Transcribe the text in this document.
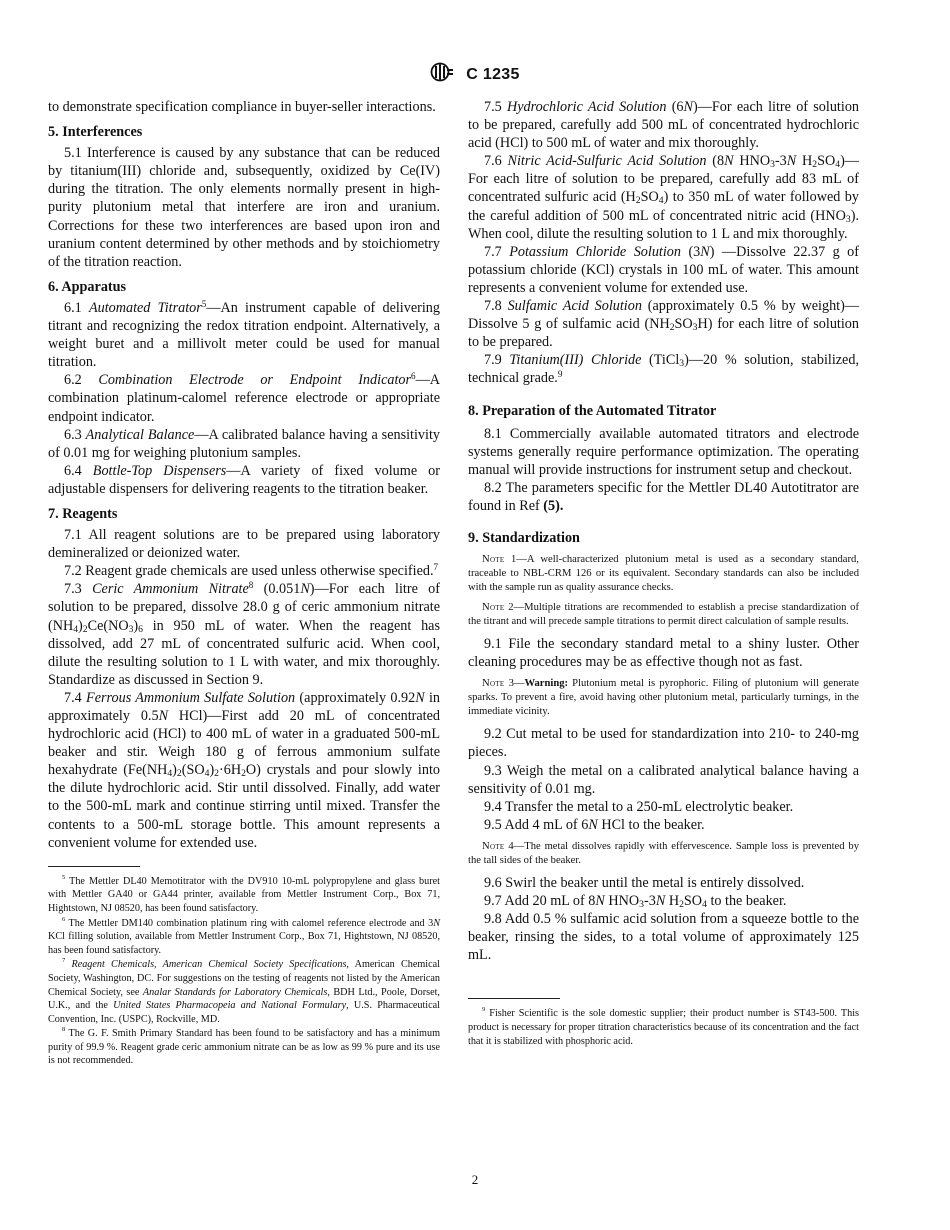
C 1235

to demonstrate specification compliance in buyer-seller interactions.

5. Interferences

5.1 Interference is caused by any substance that can be reduced by titanium(III) chloride and, subsequently, oxidized by Ce(IV) during the titration. The only elements normally present in high-purity plutonium metal that interfere are iron and uranium. Corrections for these two interferences are based upon iron and uranium content determined by other methods and by stoichiometry of the titration reaction.

6. Apparatus

6.1 Automated Titrator$^5$—An instrument capable of delivering titrant and recognizing the redox titration endpoint. Alternatively, a weight buret and a millivolt meter could be used for manual titration.

6.2 Combination Electrode or Endpoint Indicator$^6$—A combination platinum-calomel reference electrode or appropriate endpoint indicator.

6.3 Analytical Balance—A calibrated balance having a sensitivity of 0.01 mg for weighing plutonium samples.

6.4 Bottle-Top Dispensers—A variety of fixed volume or adjustable dispensers for delivering reagents to the titration beaker.

7. Reagents

7.1 All reagent solutions are to be prepared using laboratory demineralized or deionized water.

7.2 Reagent grade chemicals are used unless otherwise specified.$^7$

7.3 Ceric Ammonium Nitrate$^8$ (0.051N)—For each litre of solution to be prepared, dissolve 28.0 g of ceric ammonium nitrate $(NH_4)_2Ce(NO_3)_6$ in 950 mL of water. When the reagent has dissolved, add 27 mL of concentrated sulfuric acid. When cool, dilute the resulting solution to 1 L with water, and mix thoroughly. Standardize as discussed in Section 9.

7.4 Ferrous Ammonium Sulfate Solution (approximately 0.92N in approximately 0.5N HCl)—First add 20 mL of concentrated hydrochloric acid (HCl) to 400 mL of water in a graduated 500-mL beaker and stir. Weigh 180 g of ferrous ammonium sulfate hexahydrate $(Fe(NH_4)_2(SO_4)_2\cdot 6H_2O)$ crystals and pour slowly into the dilute hydrochloric acid. Stir until dissolved. Finally, add water to the 500-mL mark and continue stirring until mixed. Transfer the contents to a 500-mL storage bottle. This amount represents a convenient volume for extended use.

$^5$ The Mettler DL40 Memotitrator with the DV910 10-mL polypropylene and glass buret with Mettler GA40 or GA44 printer, available from Mettler Instrument Corp., Box 71, Hightstown, NJ 08520, has been found satisfactory.

$^6$ The Mettler DM140 combination platinum ring with calomel reference electrode and 3N KCl filling solution, available from Mettler Instrument Corp., Box 71, Hightstown, NJ 08520, has been found satisfactory.

$^7$ Reagent Chemicals, American Chemical Society Specifications, American Chemical Society, Washington, DC. For suggestions on the testing of reagents not listed by the American Chemical Society, see Analar Standards for Laboratory Chemicals, BDH Ltd., Poole, Dorset, U.K., and the United States Pharmacopeia and National Formulary, U.S. Pharmaceutical Convention, Inc. (USPC), Rockville, MD.

$^8$ The G. F. Smith Primary Standard has been found to be satisfactory and has a minimum purity of 99.9 %. Reagent grade ceric ammonium nitrate can be as low as 99 % pure and its use is not recommended.

7.5 Hydrochloric Acid Solution (6N)—For each litre of solution to be prepared, carefully add 500 mL of concentrated hydrochloric acid (HCl) to 500 mL of water and mix thoroughly.

7.6 Nitric Acid-Sulfuric Acid Solution (8N $HNO_3-3N$ $H_2SO_4)—For$ each litre of solution to be prepared, carefully add 83 mL of concentrated sulfuric acid $(H_2SO_4)$ to 350 mL of water followed by the careful addition of 500 mL of concentrated nitric acid $(HNO_3)$. When cool, dilute the resulting solution to 1 L and mix thoroughly.

7.7 Potassium Chloride Solution (3N) —Dissolve 22.37 g of potassium chloride (KCl) crystals in 100 mL of water. This amount represents a convenient volume for extended use.

7.8 Sulfamic Acid Solution (approximately 0.5 % by weight)—Dissolve 5 g of sulfamic acid $(NH_2SO_3H)$ for each litre of solution to be prepared.

7.9 Titanium(III) Chloride (TiCl$_3$)—20 % solution, stabilized, technical grade.$^9$

8. Preparation of the Automated Titrator

8.1 Commercially available automated titrators and electrode systems generally require performance optimization. The operating manual will provide instructions for instrument setup and checkout.

8.2 The parameters specific for the Mettler DL40 Autotitrator are found in Ref (5).

9. Standardization

Note 1—A well-characterized plutonium metal is used as a secondary standard, traceable to NBL-CRM 126 or its equivalent. Secondary standards can also be included with the sample run as quality assurance checks.

Note 2—Multiple titrations are recommended to establish a precise standardization of the titrant and will precede sample titrations to permit direct calculation of sample results.

9.1 File the secondary standard metal to a shiny luster. Other cleaning procedures may be as effective though not as fast.

Note 3—Warning: Plutonium metal is pyrophoric. Filing of plutonium will generate sparks. To prevent a fire, avoid having other plutonium metal, particularly turnings, in the immediate vicinity.

9.2 Cut metal to be used for standardization into 210- to 240-mg pieces.

9.3 Weigh the metal on a calibrated analytical balance having a sensitivity of 0.01 mg.

9.4 Transfer the metal to a 250-mL electrolytic beaker.

9.5 Add 4 mL of 6N HCl to the beaker.

Note 4—The metal dissolves rapidly with effervescence. Sample loss is prevented by the tall sides of the beaker.

9.6 Swirl the beaker until the metal is entirely dissolved.

9.7 Add 20 mL of 8N $HNO_3-3N$ $H_2SO_4$ to the beaker.

9.8 Add 0.5 % sulfamic acid solution from a squeeze bottle to the beaker, rinsing the sides, to a total volume of approximately 125 mL.

$^9$ Fisher Scientific is the sole domestic supplier; their product number is ST43-500. This product is necessary for proper titration characteristics because of its concentration and the fact that it is stabilized with phosphoric acid.

2
